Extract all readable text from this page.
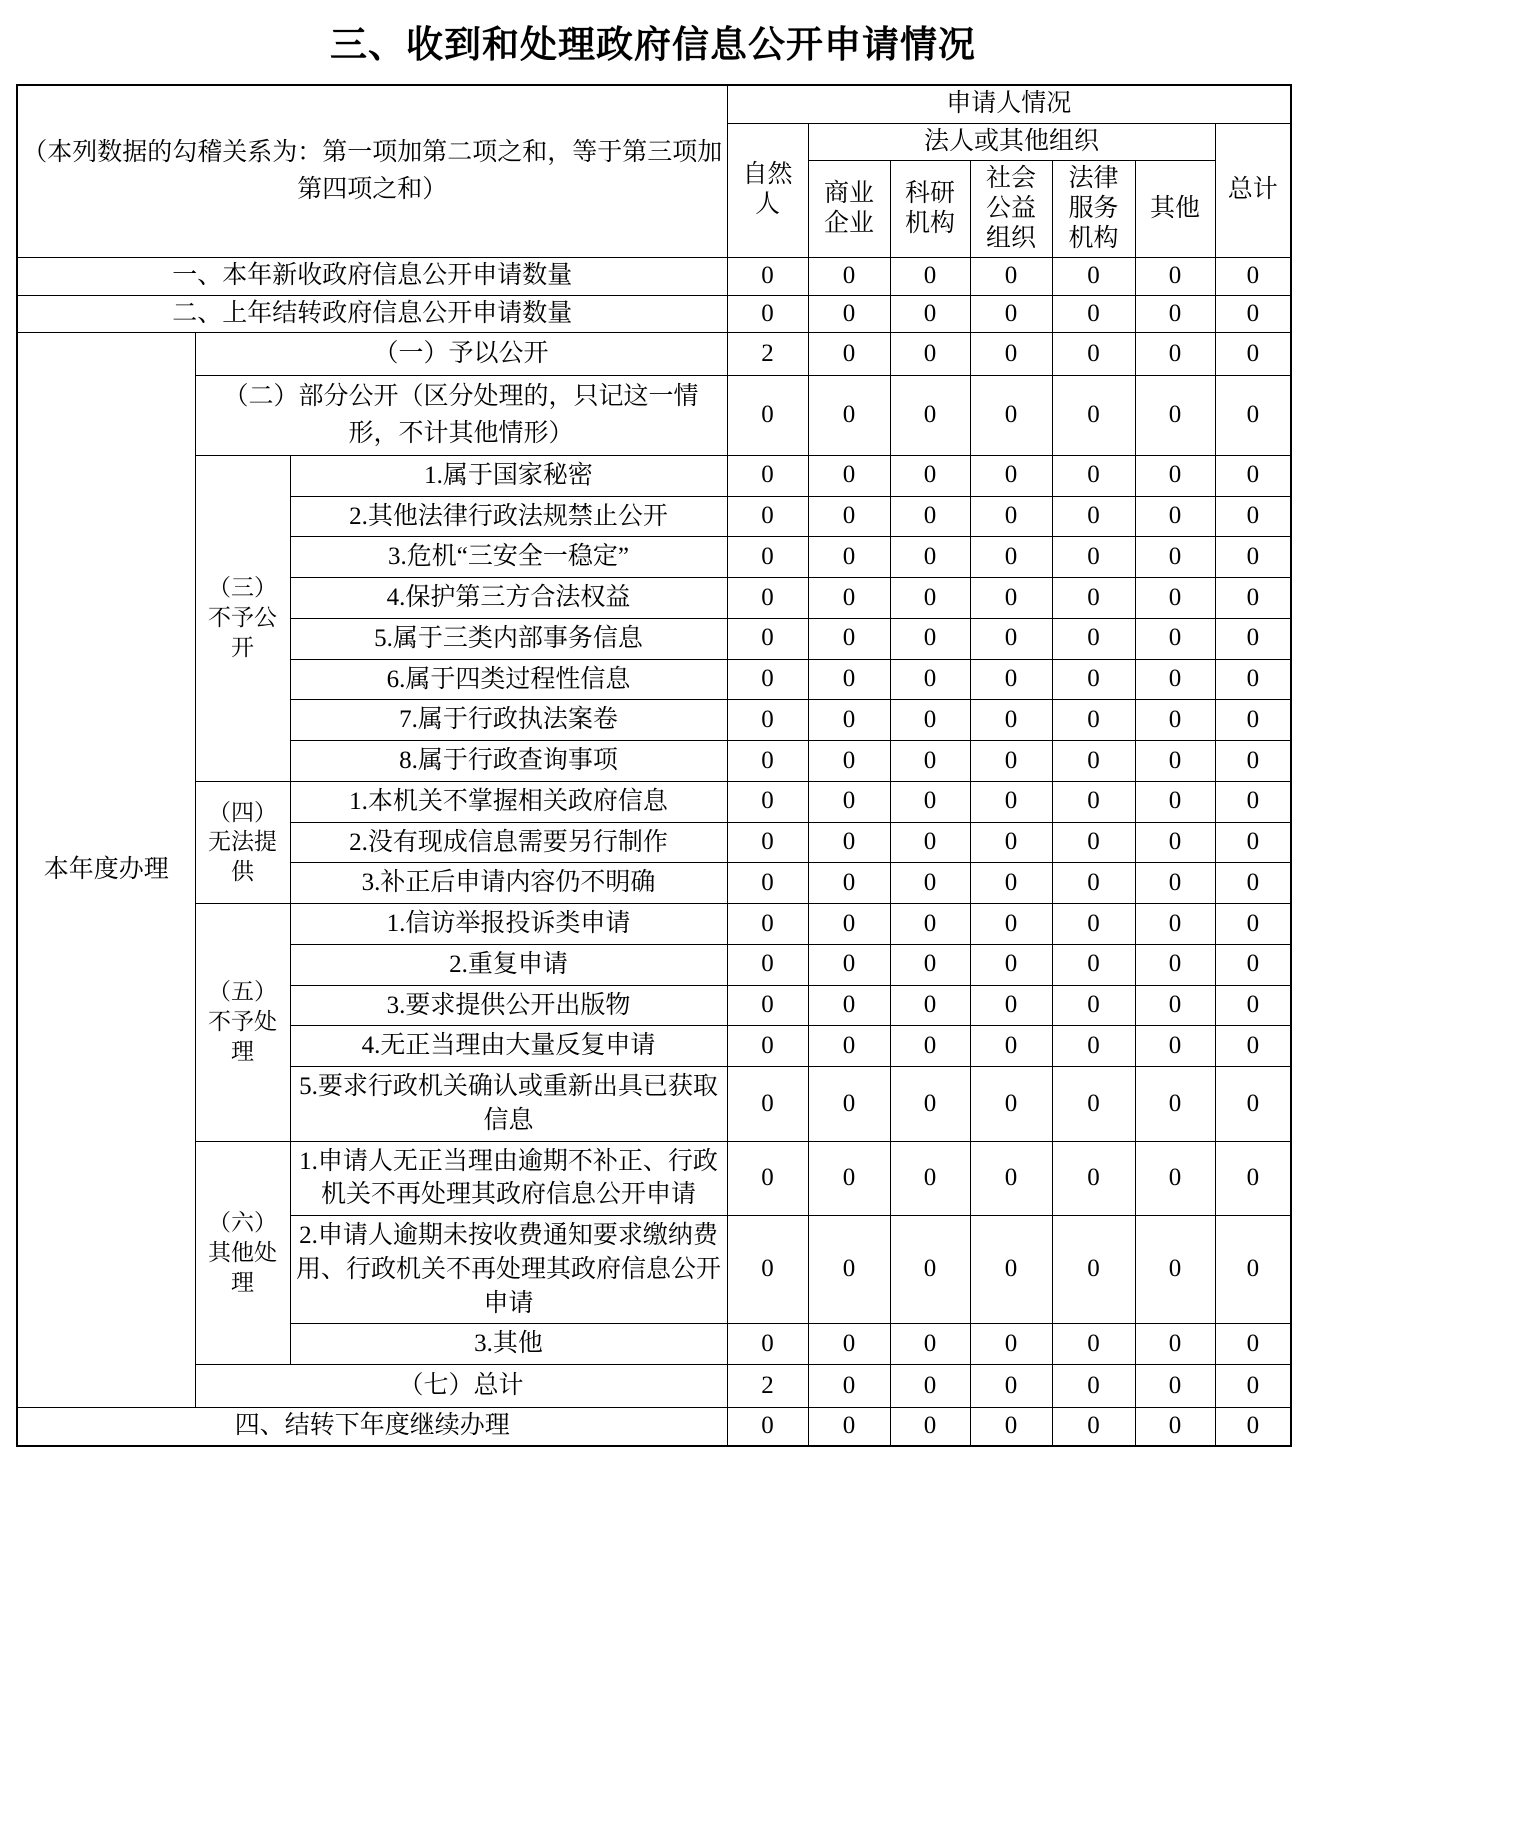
三、收到和处理政府信息公开申请情况
（本列数据的勾稽关系为：第一项加第二项之和，等于第三项加第四项之和）			申请人情况						
			自然人	法人或其他组织					总计
				商业企业	科研机构	社会公益组织	法律服务机构	其他	
一、本年新收政府信息公开申请数量			0	0	0	0	0	0	0
二、上年结转政府信息公开申请数量			0	0	0	0	0	0	0
本年度办理	（一）予以公开		2	0	0	0	0	0	0
	（二）部分公开（区分处理的，只记这一情形，不计其他情形）		0	0	0	0	0	0	0
	（三）不予公开	1.属于国家秘密	0	0	0	0	0	0	0
		2.其他法律行政法规禁止公开	0	0	0	0	0	0	0
		3.危机“三安全一稳定”	0	0	0	0	0	0	0
		4.保护第三方合法权益	0	0	0	0	0	0	0
		5.属于三类内部事务信息	0	0	0	0	0	0	0
		6.属于四类过程性信息	0	0	0	0	0	0	0
		7.属于行政执法案卷	0	0	0	0	0	0	0
		8.属于行政查询事项	0	0	0	0	0	0	0
	（四）无法提供	1.本机关不掌握相关政府信息	0	0	0	0	0	0	0
		2.没有现成信息需要另行制作	0	0	0	0	0	0	0
		3.补正后申请内容仍不明确	0	0	0	0	0	0	0
	（五）不予处理	1.信访举报投诉类申请	0	0	0	0	0	0	0
		2.重复申请	0	0	0	0	0	0	0
		3.要求提供公开出版物	0	0	0	0	0	0	0
		4.无正当理由大量反复申请	0	0	0	0	0	0	0
		5.要求行政机关确认或重新出具已获取信息	0	0	0	0	0	0	0
	（六）其他处理	1.申请人无正当理由逾期不补正、行政机关不再处理其政府信息公开申请	0	0	0	0	0	0	0
		2.申请人逾期未按收费通知要求缴纳费用、行政机关不再处理其政府信息公开申请	0	0	0	0	0	0	0
		3.其他	0	0	0	0	0	0	0
	（七）总计		2	0	0	0	0	0	0
四、结转下年度继续办理			0	0	0	0	0	0	0
